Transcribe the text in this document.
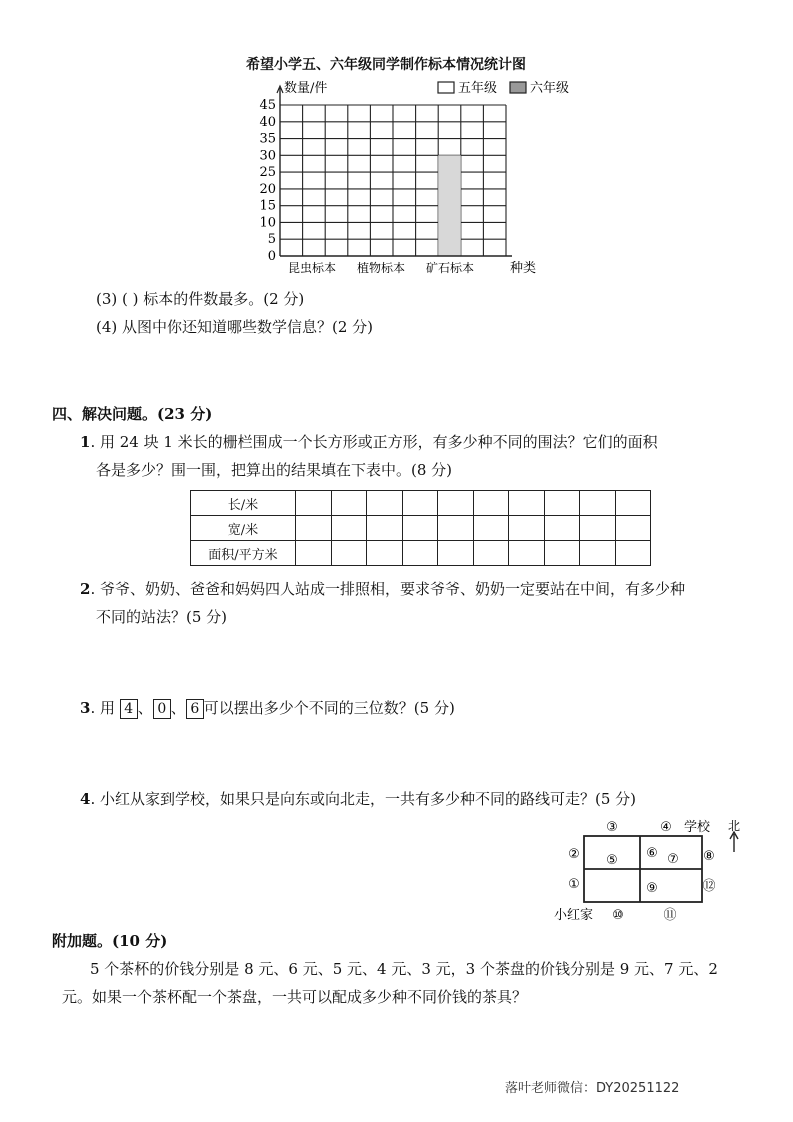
希望小学五、六年级同学制作标本情况统计图
0
5
10
15
20
25
30
35
40
45
昆虫标本 植物标本 矿石标本
数量/件
种类
五年级	六年级
(3) ( ) 标本的件数最多。(2 分)
(4) 从图中你还知道哪些数学信息？(2 分)
四、解决问题。(23 分)
1. 用 24 块 1 米长的栅栏围成一个长方形或正方形，有多少种不同的围法？它们的面积
各是多少？围一围，把算出的结果填在下表中。(8 分)
长/米										
宽/米										
面积/平方米										
2. 爷爷、奶奶、爸爸和妈妈四人站成一排照相，要求爷爷、奶奶一定要站在中间，有多少种
不同的站法？(5 分)
3. 用 4 、 0 、 6 可以摆出多少个不同的三位数？(5 分)
4. 小红从家到学校，如果只是向东或向北走，一共有多少种不同的路线可走？(5 分)
①
②
③	④
⑤ ⑥ ⑦ ⑧
⑨
⑩	⑪
⑫
学校
小红家
北
附加题。(10 分)
5 个茶杯的价钱分别是 8 元、6 元、5 元、4 元、3 元，3 个茶盘的价钱分别是 9 元、7 元、2
元。如果一个茶杯配一个茶盘，一共可以配成多少种不同价钱的茶具？
落叶老师微信：DY20251122
